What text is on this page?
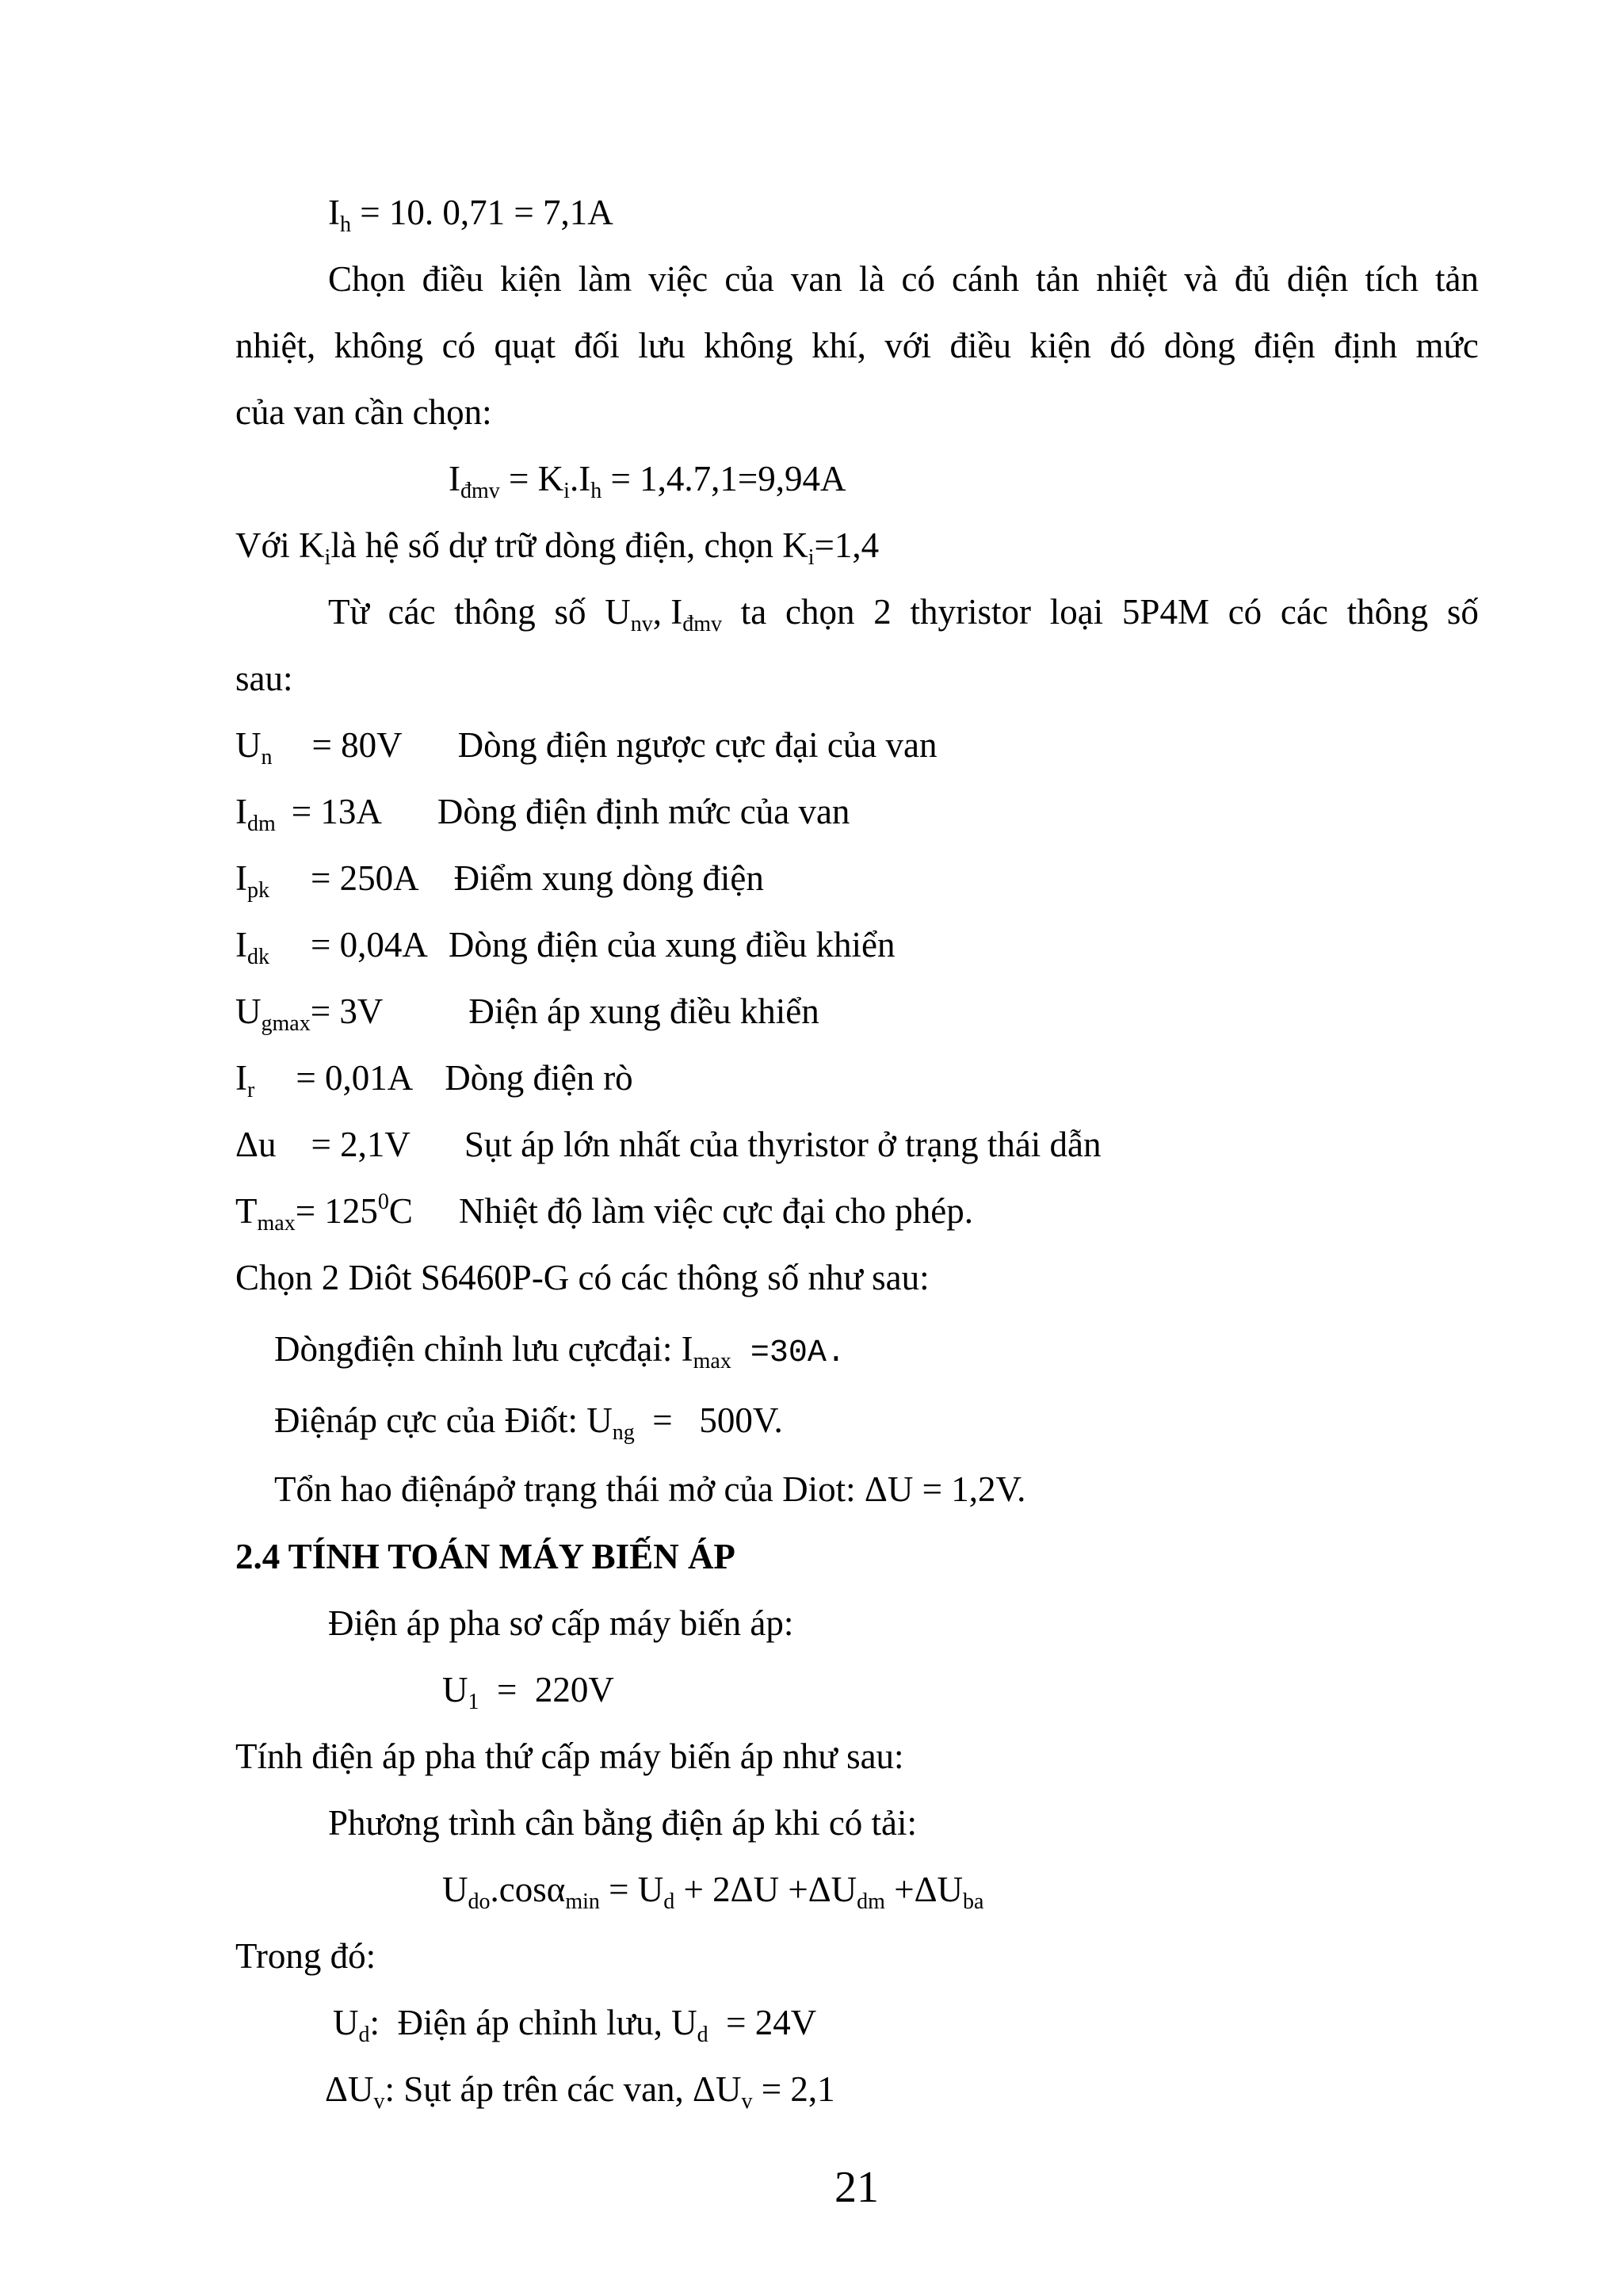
$I_h = 10$. 0,71 = 7,1A
Chọn điều kiện làm việc của van là có cánh tản nhiệt và đủ diện tích tản
nhiệt, không có quạt đối lưu không khí, với điều kiện đó dòng điện định mức
của van cần chọn:
$I_{đmv} = K_i.I_h = 1,4.7,1=9,94A$
Với $K_ilà$ hệ số dự trữ dòng điện, chọn $K_i=1,4$
Từ các thông số $U_{nv}$, $I_{đmv}$ ta chọn 2 thyristor loại 5P4M có các thông số
sau:
$U_n = 80V$ Dòng điện ngược cực đại của van
$I_{dm} = 13A$ Dòng điện định mức của van
$I_{pk} = 250A$ Điểm xung dòng điện
$I_{dk} = 0,04A$ Dòng điện của xung điều khiển
$U_{gmax}= 3V$ Điện áp xung điều khiển
$I_r = 0,01A$ Dòng điện rò
Δu = 2,1V Sụt áp lớn nhất của thyristor ở trạng thái dẫn
$T_{max}= 125^0C$ Nhiệt độ làm việc cực đại cho phép.
Chọn 2 Diôt S6460P-G có các thông số như sau:
Dòngđiện chỉnh lưu cựcđại: $I_{max} =30A$.
Điệnáp cực của Điốt: $U_{ng} = 500V$.
Tổn hao điệnápở trạng thái mở của Diot: ΔU = 1,2V.
2.4 TÍNH TOÁN MÁY BIẾN ÁP
Điện áp pha sơ cấp máy biến áp:
$U_1 = 220V$
Tính điện áp pha thứ cấp máy biến áp như sau:
Phương trình cân bằng điện áp khi có tải:
$U_{do}.\cos\alpha_{min} = U_d + 2\Delta U +\Delta U_{dm} +\Delta U_{ba}$
Trong đó:
$U_d$:  Điện áp chỉnh lưu, $U_d = 24V$
$\Delta U_v$: Sụt áp trên các van, $\Delta U_v = 2,1$
21
